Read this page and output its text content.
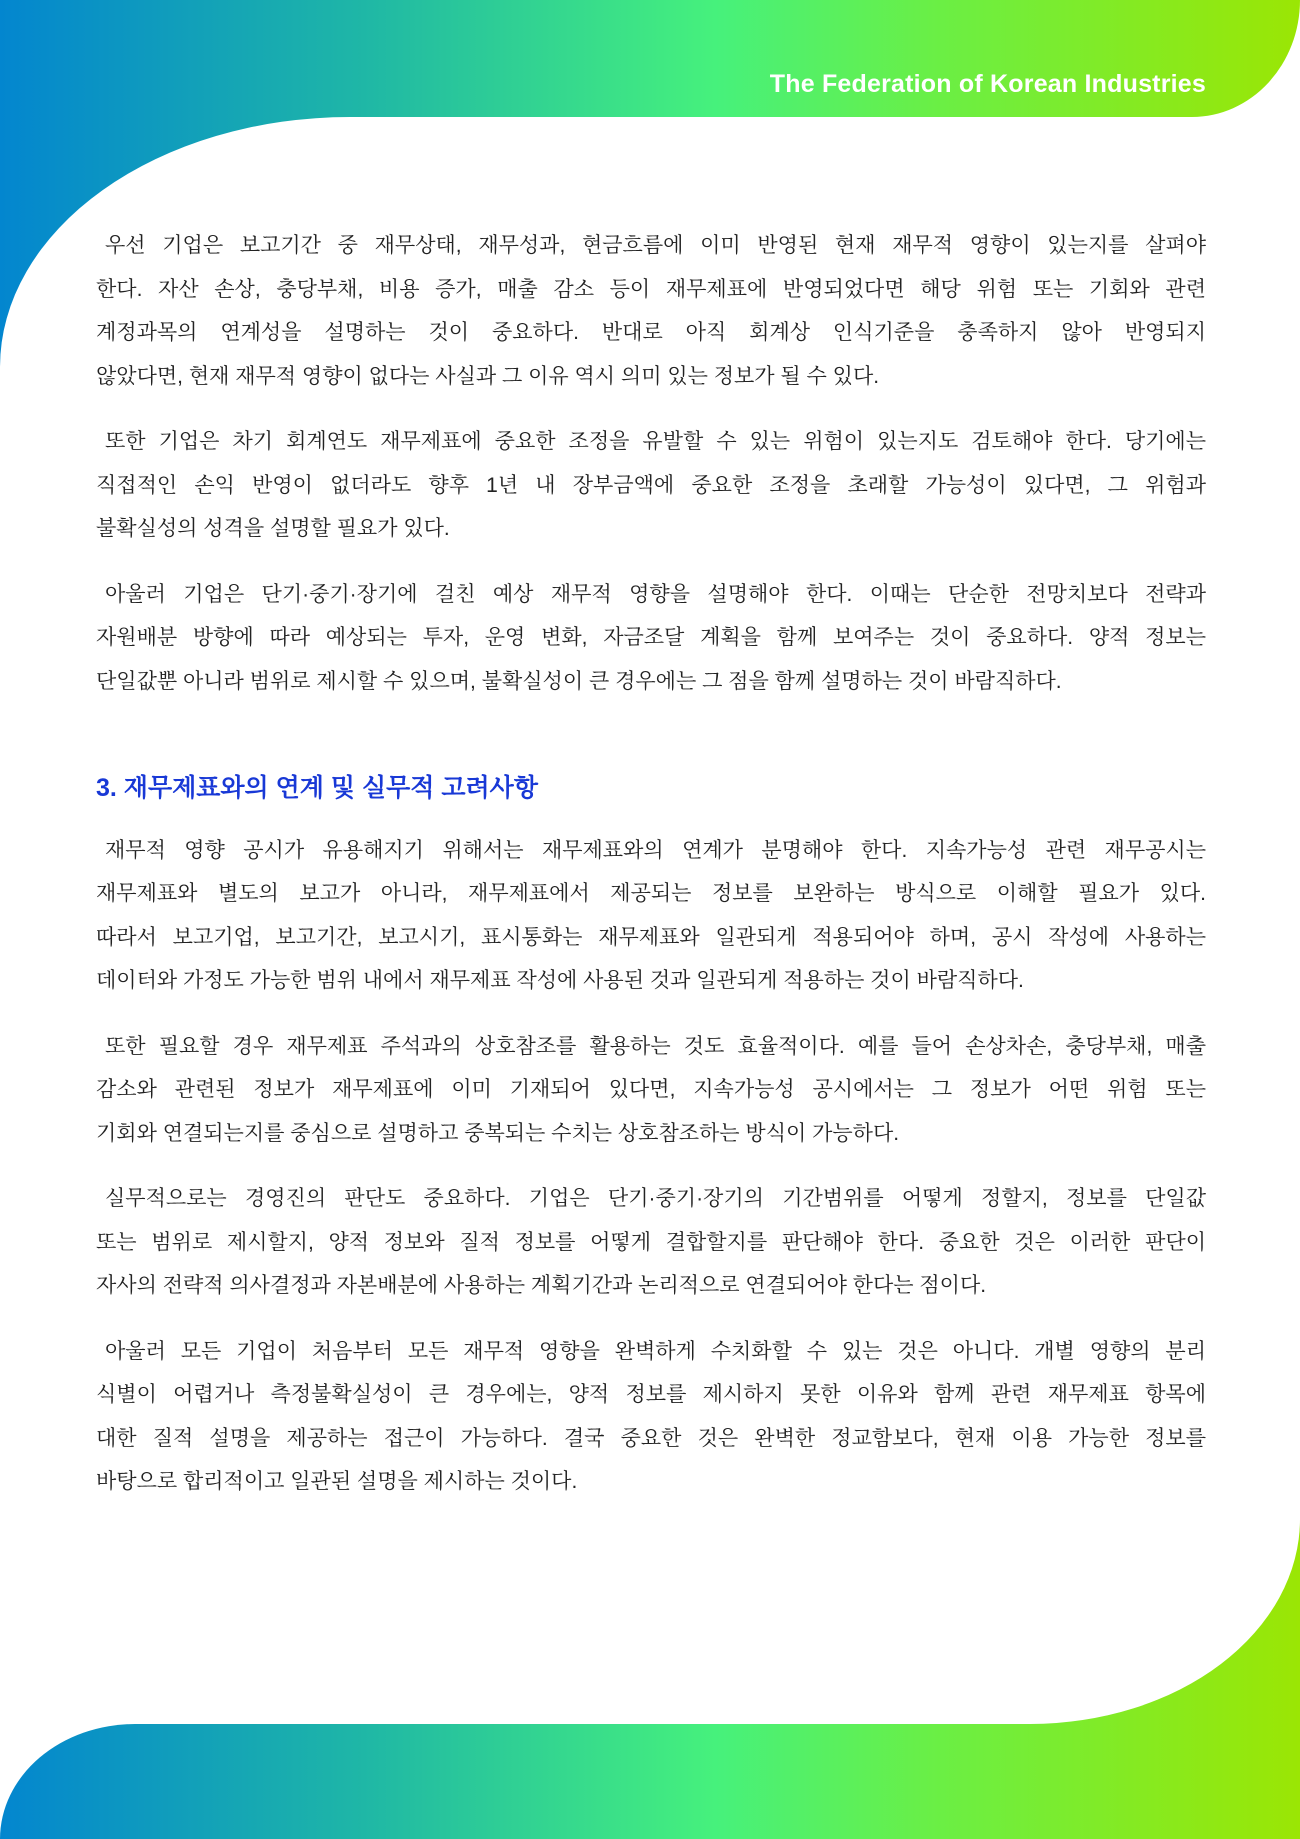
The Federation of Korean Industries
우선 기업은 보고기간 중 재무상태, 재무성과, 현금흐름에 이미 반영된 현재 재무적 영향이 있는지를 살펴야
한다. 자산 손상, 충당부채, 비용 증가, 매출 감소 등이 재무제표에 반영되었다면 해당 위험 또는 기회와 관련
계정과목의 연계성을 설명하는 것이 중요하다. 반대로 아직 회계상 인식기준을 충족하지 않아 반영되지
않았다면, 현재 재무적 영향이 없다는 사실과 그 이유 역시 의미 있는 정보가 될 수 있다.
또한 기업은 차기 회계연도 재무제표에 중요한 조정을 유발할 수 있는 위험이 있는지도 검토해야 한다. 당기에는
직접적인 손익 반영이 없더라도 향후 1년 내 장부금액에 중요한 조정을 초래할 가능성이 있다면, 그 위험과
불확실성의 성격을 설명할 필요가 있다.
아울러 기업은 단기·중기·장기에 걸친 예상 재무적 영향을 설명해야 한다. 이때는 단순한 전망치보다 전략과
자원배분 방향에 따라 예상되는 투자, 운영 변화, 자금조달 계획을 함께 보여주는 것이 중요하다. 양적 정보는
단일값뿐 아니라 범위로 제시할 수 있으며, 불확실성이 큰 경우에는 그 점을 함께 설명하는 것이 바람직하다.
3. 재무제표와의 연계 및 실무적 고려사항
재무적 영향 공시가 유용해지기 위해서는 재무제표와의 연계가 분명해야 한다. 지속가능성 관련 재무공시는
재무제표와 별도의 보고가 아니라, 재무제표에서 제공되는 정보를 보완하는 방식으로 이해할 필요가 있다.
따라서 보고기업, 보고기간, 보고시기, 표시통화는 재무제표와 일관되게 적용되어야 하며, 공시 작성에 사용하는
데이터와 가정도 가능한 범위 내에서 재무제표 작성에 사용된 것과 일관되게 적용하는 것이 바람직하다.
또한 필요할 경우 재무제표 주석과의 상호참조를 활용하는 것도 효율적이다. 예를 들어 손상차손, 충당부채, 매출
감소와 관련된 정보가 재무제표에 이미 기재되어 있다면, 지속가능성 공시에서는 그 정보가 어떤 위험 또는
기회와 연결되는지를 중심으로 설명하고 중복되는 수치는 상호참조하는 방식이 가능하다.
실무적으로는 경영진의 판단도 중요하다. 기업은 단기·중기·장기의 기간범위를 어떻게 정할지, 정보를 단일값
또는 범위로 제시할지, 양적 정보와 질적 정보를 어떻게 결합할지를 판단해야 한다. 중요한 것은 이러한 판단이
자사의 전략적 의사결정과 자본배분에 사용하는 계획기간과 논리적으로 연결되어야 한다는 점이다.
아울러 모든 기업이 처음부터 모든 재무적 영향을 완벽하게 수치화할 수 있는 것은 아니다. 개별 영향의 분리
식별이 어렵거나 측정불확실성이 큰 경우에는, 양적 정보를 제시하지 못한 이유와 함께 관련 재무제표 항목에
대한 질적 설명을 제공하는 접근이 가능하다. 결국 중요한 것은 완벽한 정교함보다, 현재 이용 가능한 정보를
바탕으로 합리적이고 일관된 설명을 제시하는 것이다.
